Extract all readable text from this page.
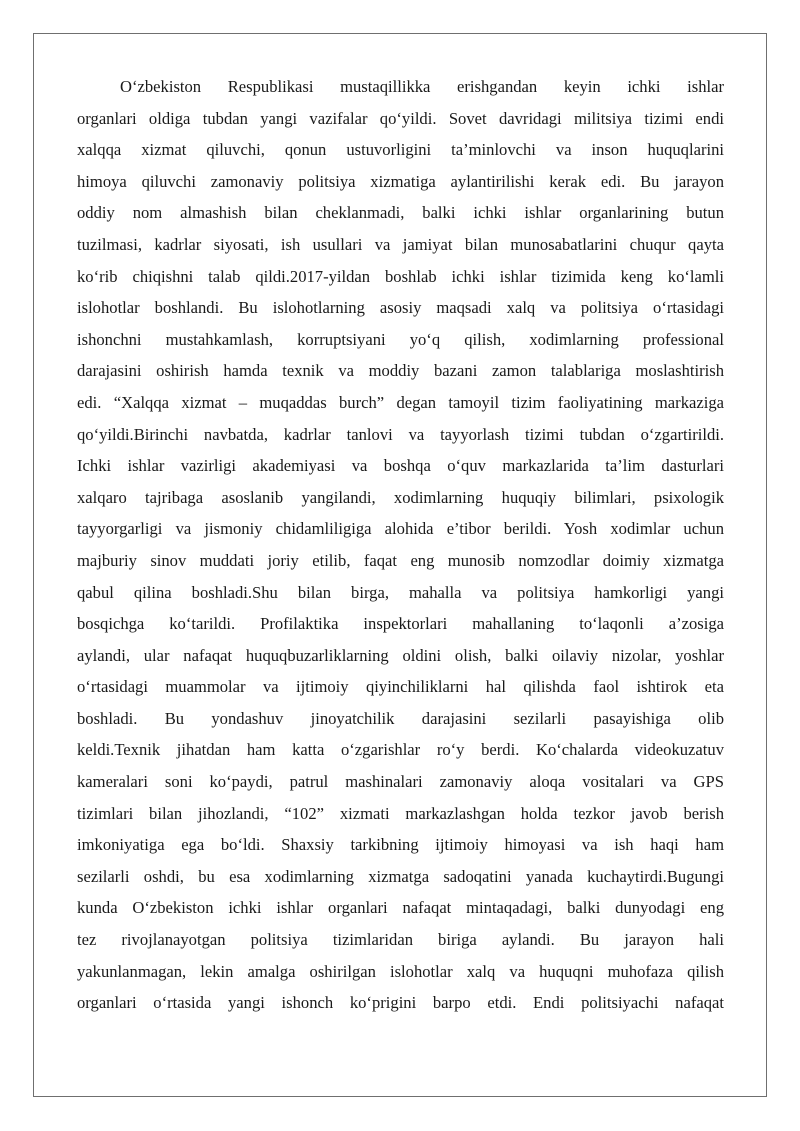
O‘zbekiston Respublikasi mustaqillikka erishgandan keyin ichki ishlar
organlari oldiga tubdan yangi vazifalar qo‘yildi. Sovet davridagi militsiya tizimi endi
xalqqa xizmat qiluvchi, qonun ustuvorligini ta’minlovchi va inson huquqlarini
himoya qiluvchi zamonaviy politsiya xizmatiga aylantirilishi kerak edi. Bu jarayon
oddiy nom almashish bilan cheklanmadi, balki ichki ishlar organlarining butun
tuzilmasi, kadrlar siyosati, ish usullari va jamiyat bilan munosabatlarini chuqur qayta
ko‘rib chiqishni talab qildi.2017-yildan boshlab ichki ishlar tizimida keng ko‘lamli
islohotlar boshlandi. Bu islohotlarning asosiy maqsadi xalq va politsiya o‘rtasidagi
ishonchni mustahkamlash, korruptsiyani yo‘q qilish, xodimlarning professional
darajasini oshirish hamda texnik va moddiy bazani zamon talablariga moslashtirish
edi. “Xalqqa xizmat – muqaddas burch” degan tamoyil tizim faoliyatining markaziga
qo‘yildi.Birinchi navbatda, kadrlar tanlovi va tayyorlash tizimi tubdan o‘zgartirildi.
Ichki ishlar vazirligi akademiyasi va boshqa o‘quv markazlarida ta’lim dasturlari
xalqaro tajribaga asoslanib yangilandi, xodimlarning huquqiy bilimlari, psixologik
tayyorgarligi va jismoniy chidamliligiga alohida e’tibor berildi. Yosh xodimlar uchun
majburiy sinov muddati joriy etilib, faqat eng munosib nomzodlar doimiy xizmatga
qabul qilina boshladi.Shu bilan birga, mahalla va politsiya hamkorligi yangi
bosqichga ko‘tarildi. Profilaktika inspektorlari mahallaning to‘laqonli a’zosiga
aylandi, ular nafaqat huquqbuzarliklarning oldini olish, balki oilaviy nizolar, yoshlar
o‘rtasidagi muammolar va ijtimoiy qiyinchiliklarni hal qilishda faol ishtirok eta
boshladi. Bu yondashuv jinoyatchilik darajasini sezilarli pasayishiga olib
keldi.Texnik jihatdan ham katta o‘zgarishlar ro‘y berdi. Ko‘chalarda videokuzatuv
kameralari soni ko‘paydi, patrul mashinalari zamonaviy aloqa vositalari va GPS
tizimlari bilan jihozlandi, “102” xizmati markazlashgan holda tezkor javob berish
imkoniyatiga ega bo‘ldi. Shaxsiy tarkibning ijtimoiy himoyasi va ish haqi ham
sezilarli oshdi, bu esa xodimlarning xizmatga sadoqatini yanada kuchaytirdi.Bugungi
kunda O‘zbekiston ichki ishlar organlari nafaqat mintaqadagi, balki dunyodagi eng
tez rivojlanayotgan politsiya tizimlaridan biriga aylandi. Bu jarayon hali
yakunlanmagan, lekin amalga oshirilgan islohotlar xalq va huquqni muhofaza qilish
organlari o‘rtasida yangi ishonch ko‘prigini barpo etdi. Endi politsiyachi nafaqat
